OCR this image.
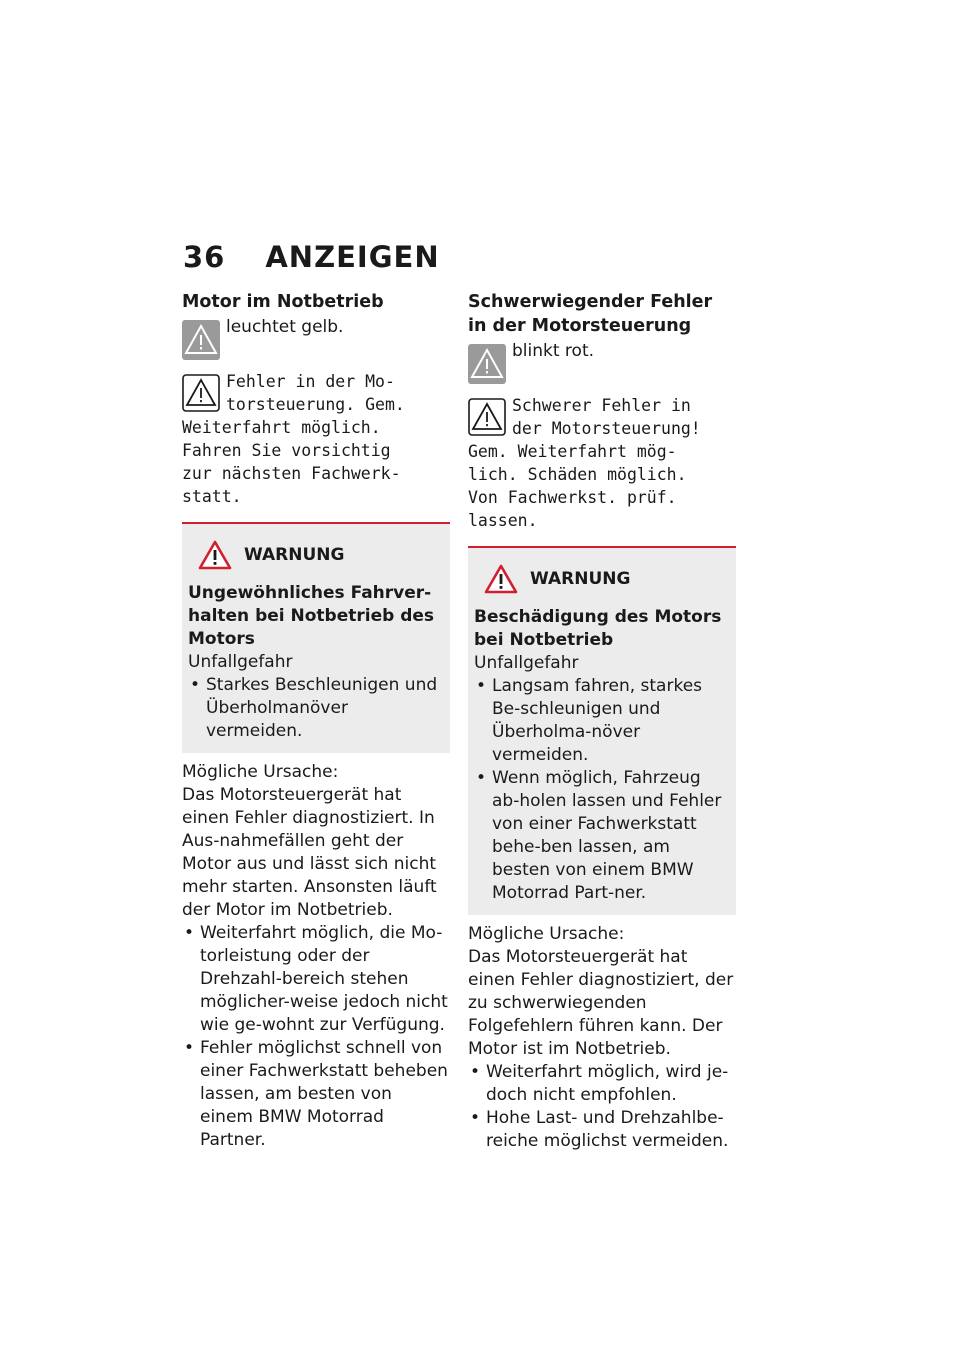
36 ANZEIGEN
Motor im Notbetrieb
leuchtet gelb.
Fehler in der Mo-
torsteuerung. Gem.
Weiterfahrt möglich.
Fahren Sie vorsichtig
zur nächsten Fachwerk-
statt.
WARNUNG
Ungewöhnliches Fahrver-halten bei Notbetrieb des Motors
Unfallgefahr
• Starkes Beschleunigen und Überholmanöver vermeiden.
Mögliche Ursache:
Das Motorsteuergerät hat einen Fehler diagnostiziert. In Aus-nahmefällen geht der Motor aus und lässt sich nicht mehr starten. Ansonsten läuft der Motor im Notbetrieb.
• Weiterfahrt möglich, die Mo-torleistung oder der Drehzahl-bereich stehen möglicher-weise jedoch nicht wie ge-wohnt zur Verfügung.
• Fehler möglichst schnell von einer Fachwerkstatt beheben lassen, am besten von einem BMW Motorrad Partner.
Schwerwiegender Fehler in der Motorsteuerung
blinkt rot.
Schwerer Fehler in
der Motorsteuerung!
Gem. Weiterfahrt mög-
lich. Schäden möglich.
Von Fachwerkst. prüf.
lassen.
WARNUNG
Beschädigung des Motors bei Notbetrieb
Unfallgefahr
• Langsam fahren, starkes Be-schleunigen und Überholma-növer vermeiden.
• Wenn möglich, Fahrzeug ab-holen lassen und Fehler von einer Fachwerkstatt behe-ben lassen, am besten von einem BMW Motorrad Part-ner.
Mögliche Ursache:
Das Motorsteuergerät hat einen Fehler diagnostiziert, der zu schwerwiegenden Folgefehlern führen kann. Der Motor ist im Notbetrieb.
• Weiterfahrt möglich, wird je-doch nicht empfohlen.
• Hohe Last- und Drehzahlbe-reiche möglichst vermeiden.
